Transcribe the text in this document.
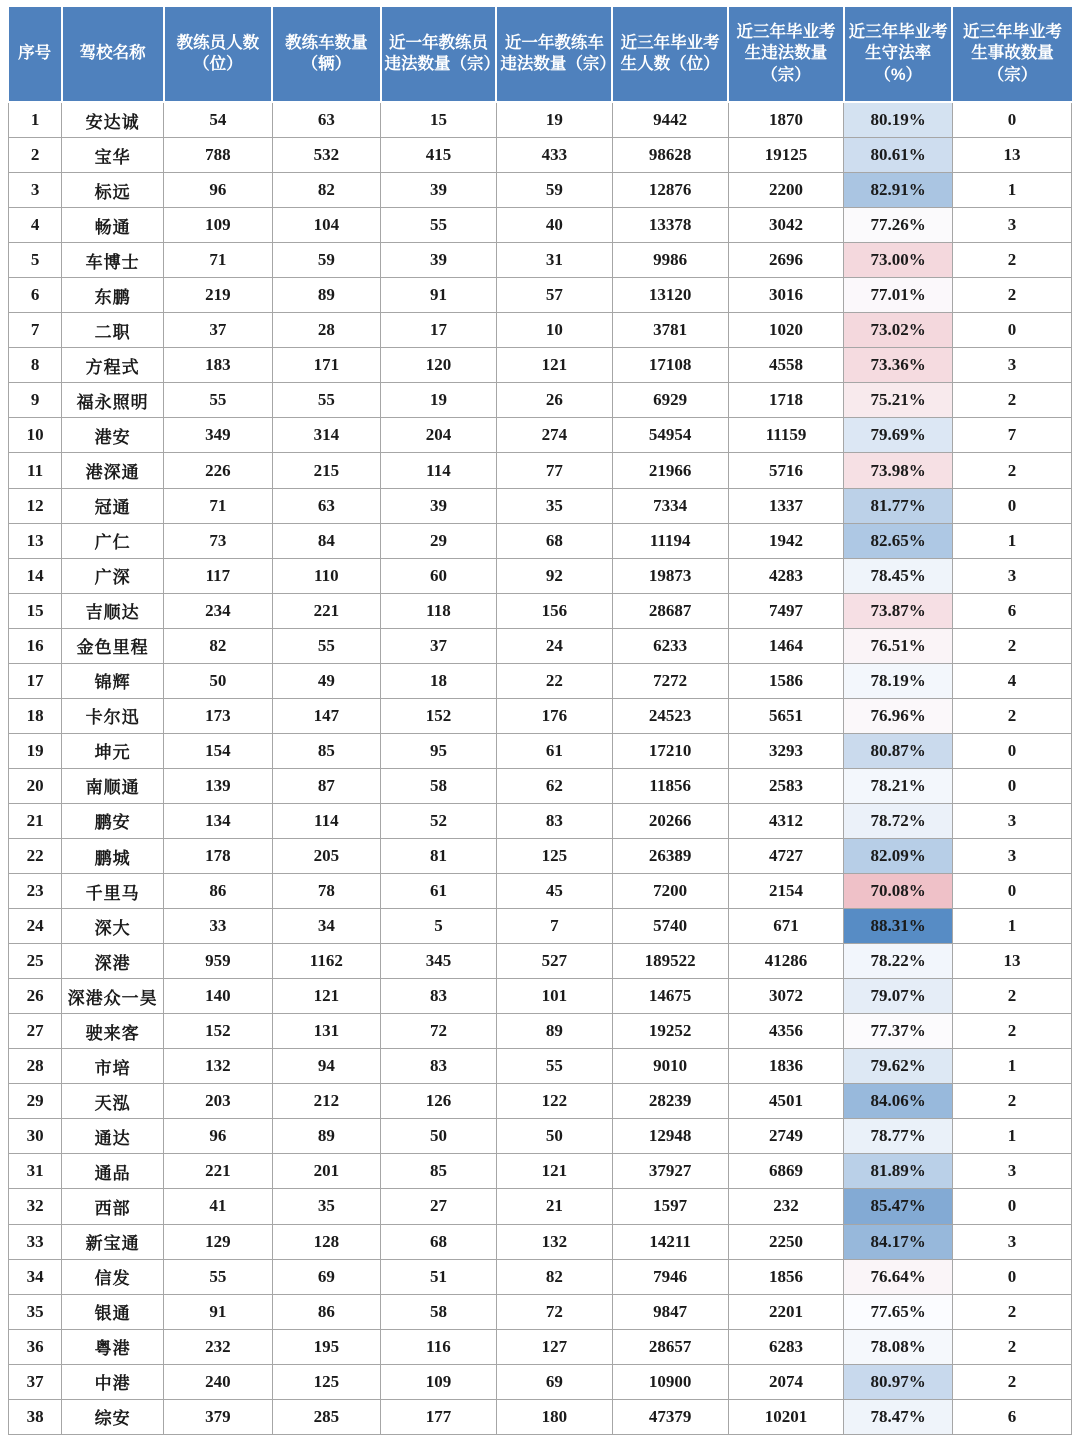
序号	驾校名称	教练员人数（位）	教练车数量（辆）	近一年教练员违法数量（宗）	近一年教练车违法数量（宗）	近三年毕业考生人数（位）	近三年毕业考生违法数量（宗）	近三年毕业考生守法率（%）	近三年毕业考生事故数量（宗）
1	安达诚	54	63	15	19	9442	1870	80.19%	0
2	宝华	788	532	415	433	98628	19125	80.61%	13
3	标远	96	82	39	59	12876	2200	82.91%	1
4	畅通	109	104	55	40	13378	3042	77.26%	3
5	车博士	71	59	39	31	9986	2696	73.00%	2
6	东鹏	219	89	91	57	13120	3016	77.01%	2
7	二职	37	28	17	10	3781	1020	73.02%	0
8	方程式	183	171	120	121	17108	4558	73.36%	3
9	福永照明	55	55	19	26	6929	1718	75.21%	2
10	港安	349	314	204	274	54954	11159	79.69%	7
11	港深通	226	215	114	77	21966	5716	73.98%	2
12	冠通	71	63	39	35	7334	1337	81.77%	0
13	广仁	73	84	29	68	11194	1942	82.65%	1
14	广深	117	110	60	92	19873	4283	78.45%	3
15	吉顺达	234	221	118	156	28687	7497	73.87%	6
16	金色里程	82	55	37	24	6233	1464	76.51%	2
17	锦辉	50	49	18	22	7272	1586	78.19%	4
18	卡尔迅	173	147	152	176	24523	5651	76.96%	2
19	坤元	154	85	95	61	17210	3293	80.87%	0
20	南顺通	139	87	58	62	11856	2583	78.21%	0
21	鹏安	134	114	52	83	20266	4312	78.72%	3
22	鹏城	178	205	81	125	26389	4727	82.09%	3
23	千里马	86	78	61	45	7200	2154	70.08%	0
24	深大	33	34	5	7	5740	671	88.31%	1
25	深港	959	1162	345	527	189522	41286	78.22%	13
26	深港众一昊	140	121	83	101	14675	3072	79.07%	2
27	驶来客	152	131	72	89	19252	4356	77.37%	2
28	市培	132	94	83	55	9010	1836	79.62%	1
29	天泓	203	212	126	122	28239	4501	84.06%	2
30	通达	96	89	50	50	12948	2749	78.77%	1
31	通品	221	201	85	121	37927	6869	81.89%	3
32	西部	41	35	27	21	1597	232	85.47%	0
33	新宝通	129	128	68	132	14211	2250	84.17%	3
34	信发	55	69	51	82	7946	1856	76.64%	0
35	银通	91	86	58	72	9847	2201	77.65%	2
36	粤港	232	195	116	127	28657	6283	78.08%	2
37	中港	240	125	109	69	10900	2074	80.97%	2
38	综安	379	285	177	180	47379	10201	78.47%	6
